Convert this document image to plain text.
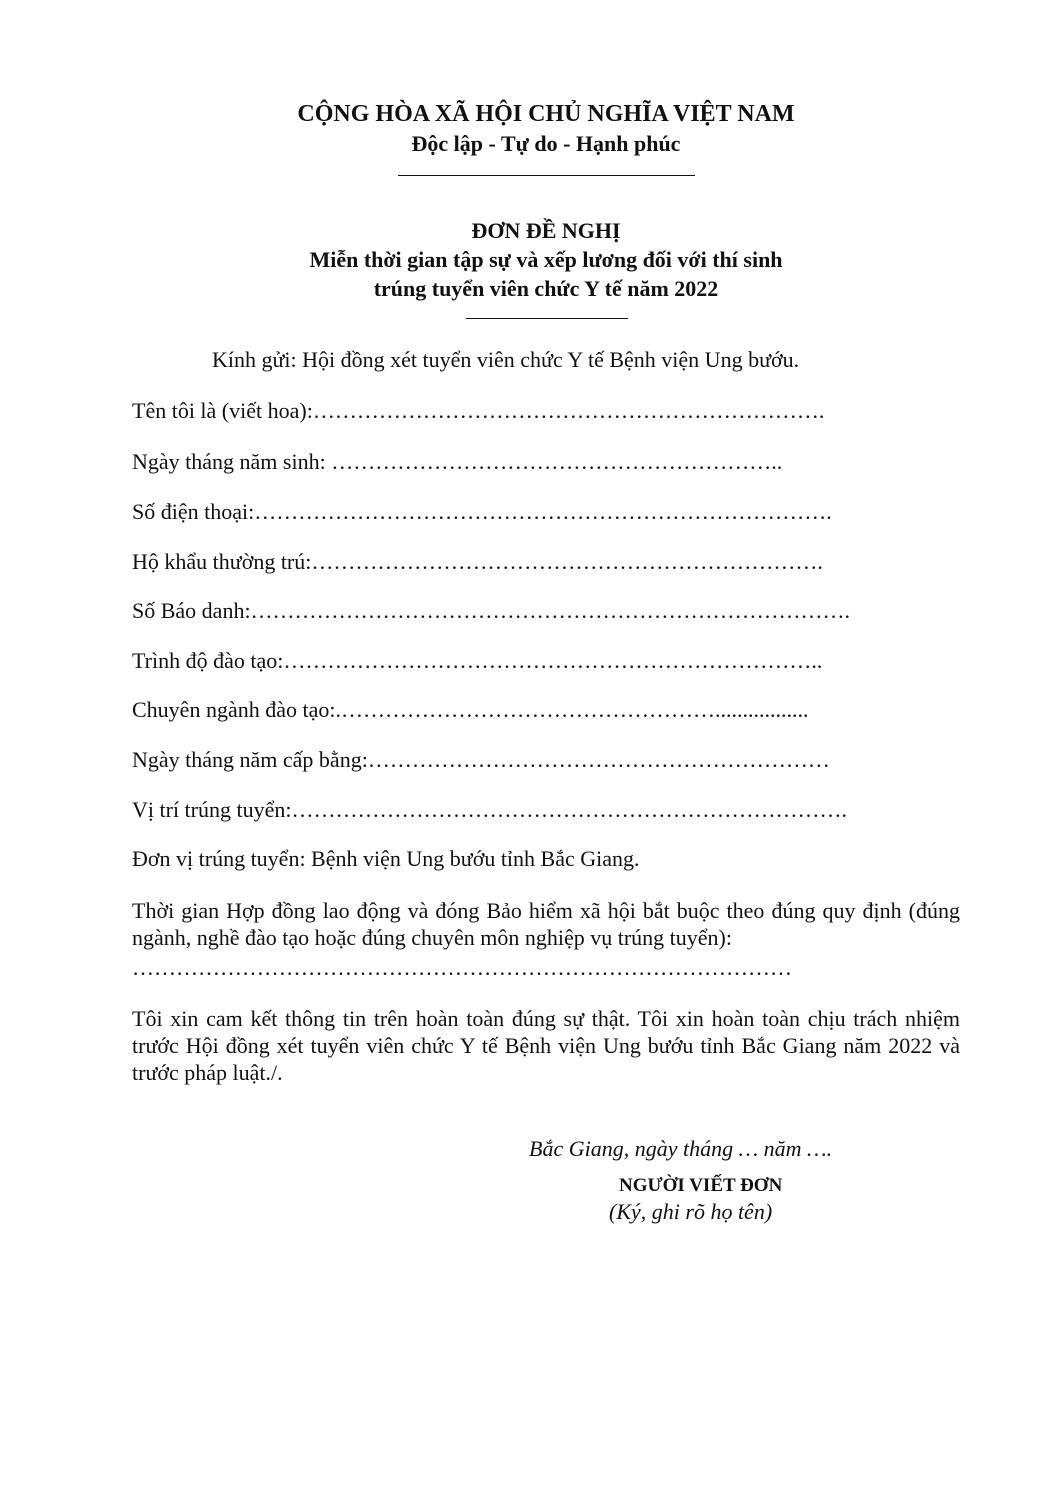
CỘNG HÒA XÃ HỘI CHỦ NGHĨA VIỆT NAM
Độc lập - Tự do - Hạnh phúc
ĐƠN ĐỀ NGHỊ
Miễn thời gian tập sự và xếp lương đối với thí sinh
trúng tuyển viên chức Y tế năm 2022
Kính gửi: Hội đồng xét tuyển viên chức Y tế Bệnh viện Ung bướu.
Tên tôi là (viết hoa):…………………………………………………………….
Ngày tháng năm sinh: ……………………………………………………..
Số điện thoại:…………………………………………………………………….
Hộ khẩu thường trú:…………………………………………………………….
Số Báo danh:……………………………………………………………………….
Trình độ đào tạo:………………………………………………………………..
Chuyên ngành đào tạo:.…………………………………………….................
Ngày tháng năm cấp bằng:………………………………………………………
Vị trí trúng tuyển:………………………………………………………………….
Đơn vị trúng tuyển: Bệnh viện Ung bướu tỉnh Bắc Giang.
Thời gian Hợp đồng lao động và đóng Bảo hiểm xã hội bắt buộc theo đúng quy định (đúng ngành, nghề đào tạo hoặc đúng chuyên môn nghiệp vụ trúng tuyển):
………………………………………………………………………………
Tôi xin cam kết thông tin trên hoàn toàn đúng sự thật. Tôi xin hoàn toàn chịu trách nhiệm trước Hội đồng xét tuyển viên chức Y tế Bệnh viện Ung bướu tỉnh Bắc Giang năm 2022 và trước pháp luật./.
Bắc Giang, ngày tháng … năm ….
NGƯỜI VIẾT ĐƠN
(Ký, ghi rõ họ tên)
